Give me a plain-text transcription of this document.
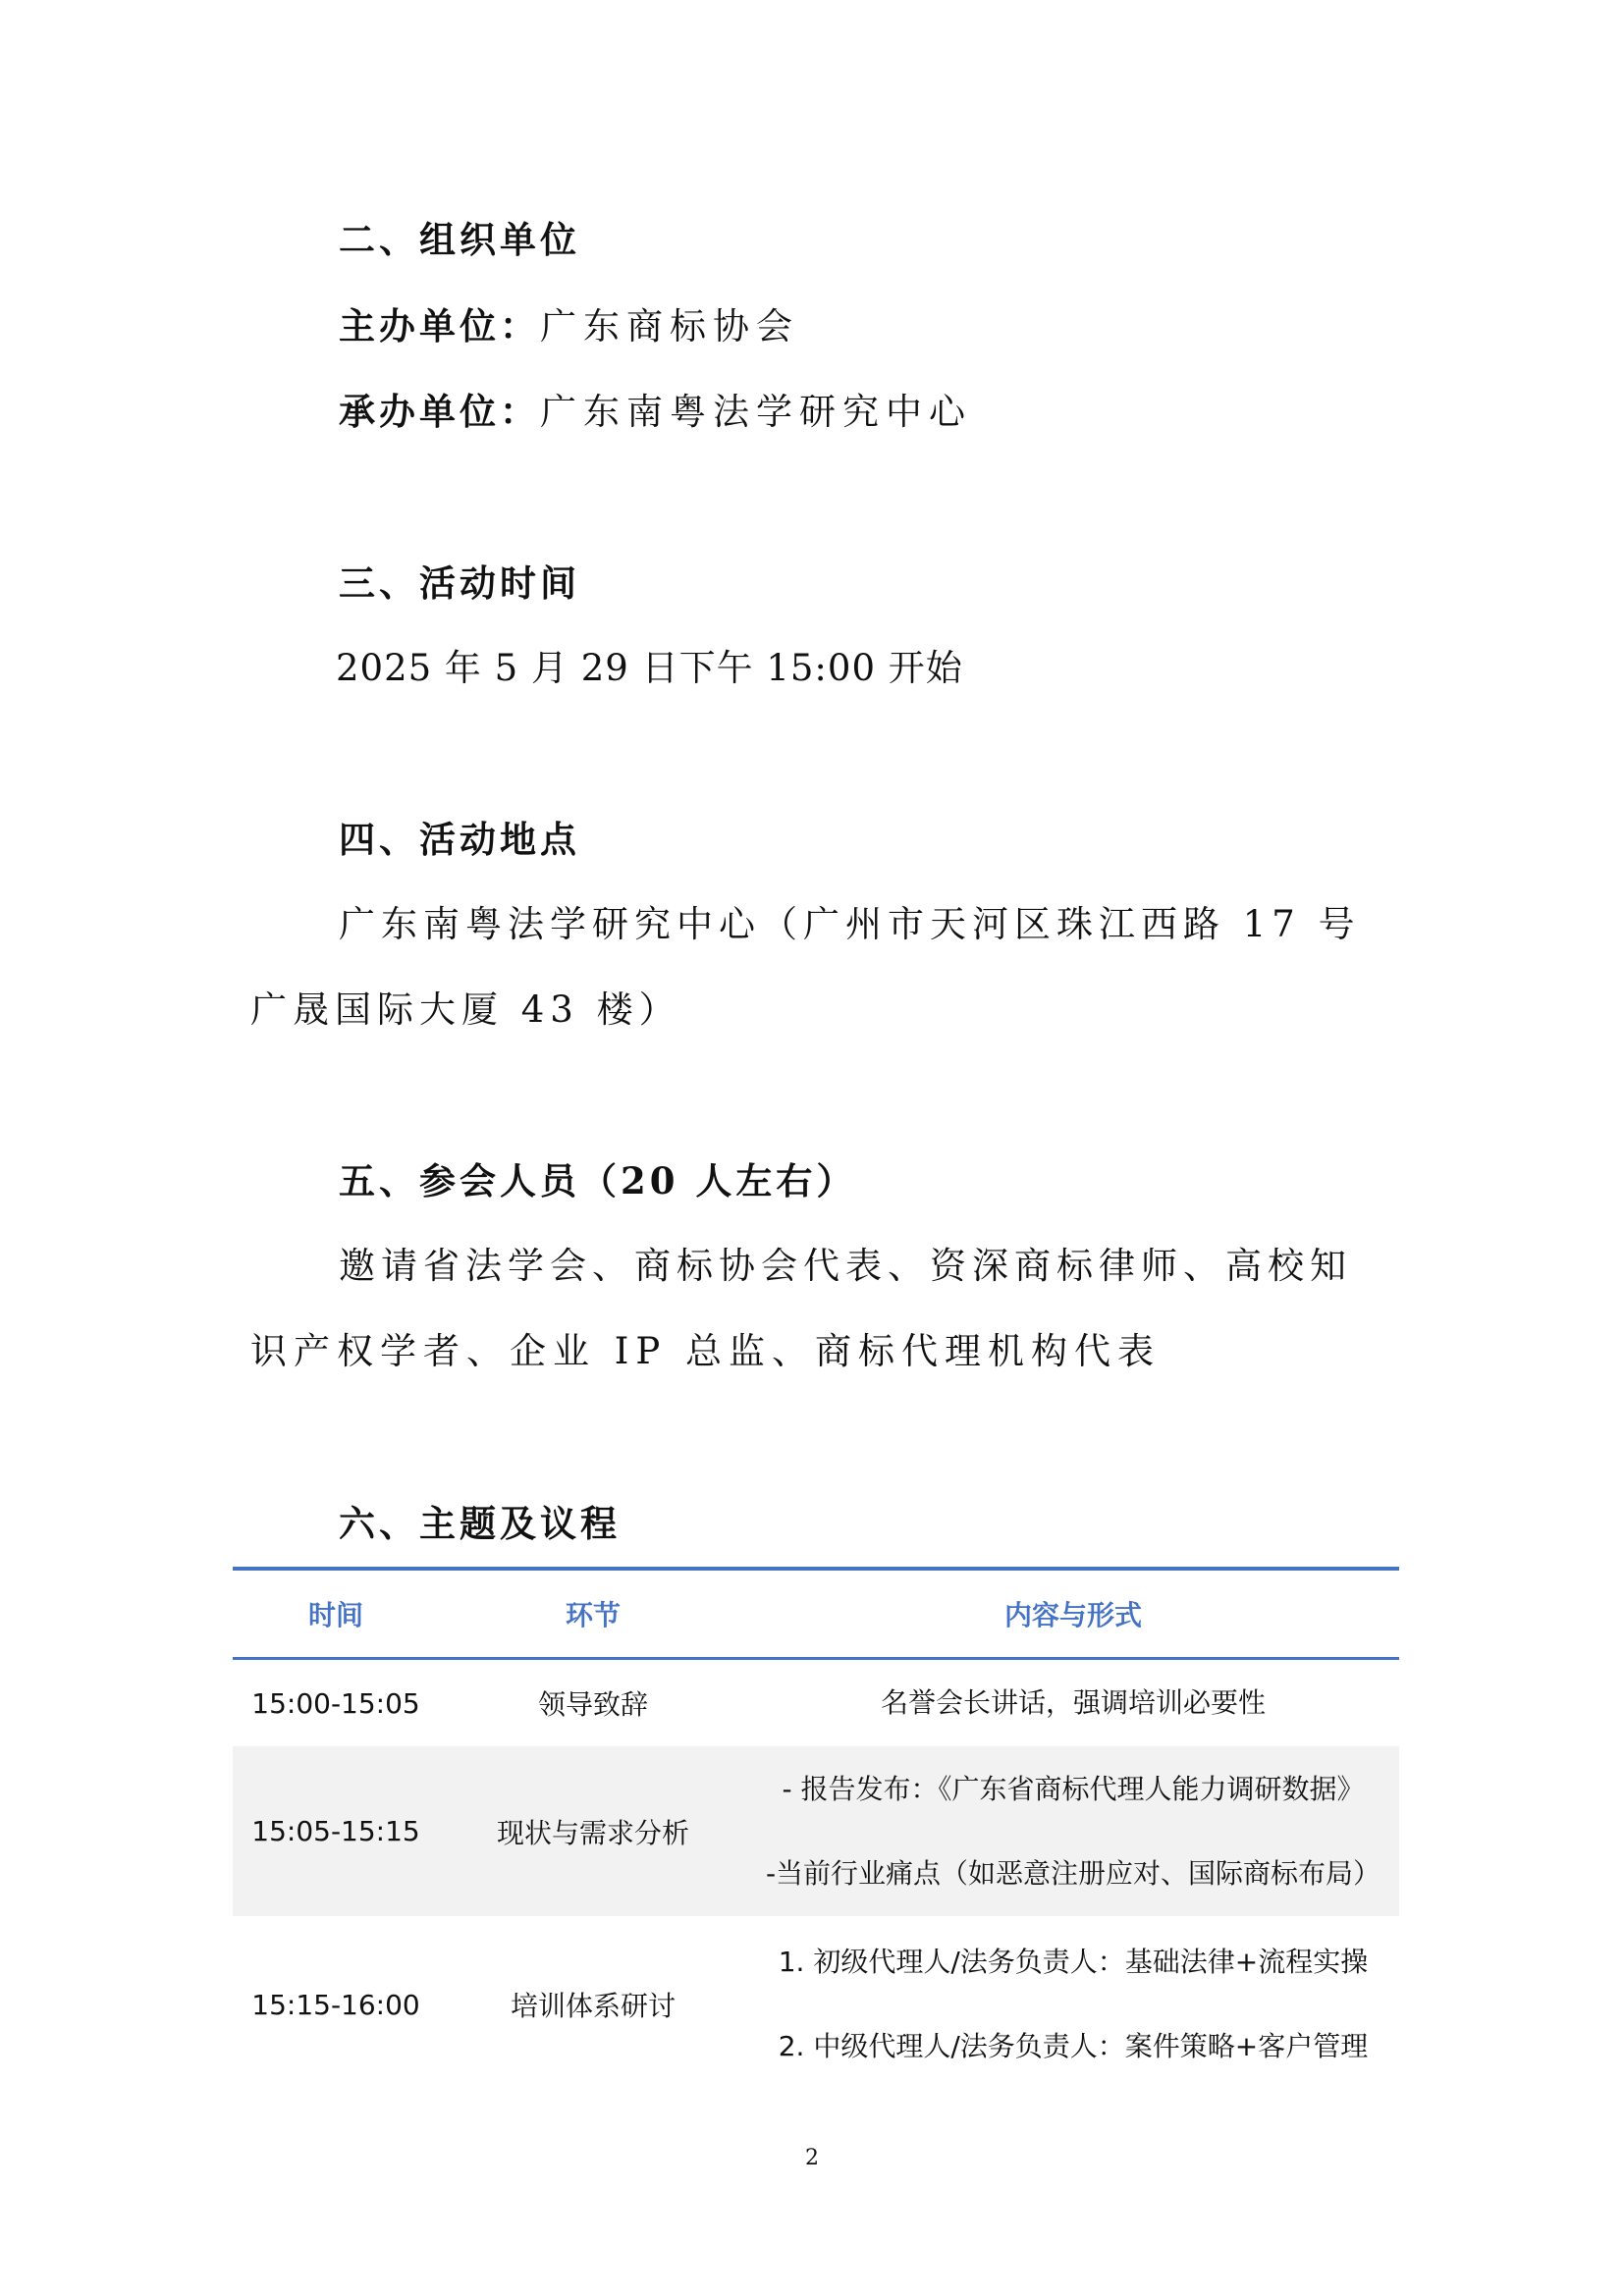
二、组织单位
主办单位：广东商标协会
承办单位：广东南粤法学研究中心
三、活动时间
2025 年 5 月 29 日下午 15:00 开始
四、活动地点
广东南粤法学研究中心（广州市天河区珠江西路 17 号
广晟国际大厦 43 楼）
五、参会人员（20 人左右）
邀请省法学会、商标协会代表、资深商标律师、高校知
识产权学者、企业 IP 总监、商标代理机构代表
六、主题及议程
时间	环节	内容与形式
15:00-15:05	领导致辞	名誉会长讲话，强调培训必要性
15:05-15:15	现状与需求分析
- 报告发布：《广东省商标代理人能力调研数据》
-当前行业痛点（如恶意注册应对、国际商标布局）
15:15-16:00	培训体系研讨
1. 初级代理人/法务负责人：基础法律+流程实操
2. 中级代理人/法务负责人：案件策略+客户管理
2
